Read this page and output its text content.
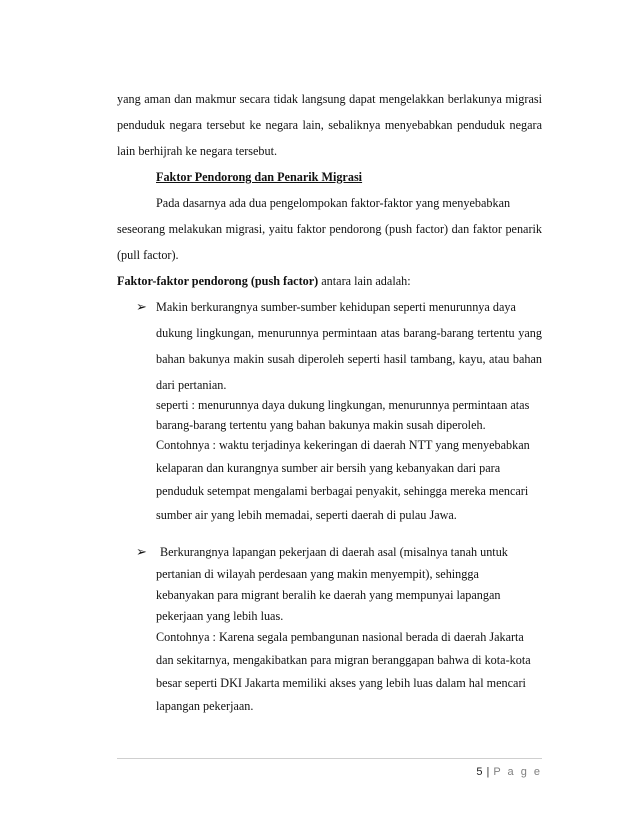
yang aman dan makmur secara tidak langsung dapat mengelakkan berlakunya migrasi
penduduk negara tersebut ke negara lain, sebaliknya menyebabkan penduduk negara
lain berhijrah ke negara tersebut.
Faktor Pendorong dan Penarik Migrasi
Pada dasarnya ada dua pengelompokan faktor-faktor yang menyebabkan
seseorang melakukan migrasi, yaitu faktor pendorong (push factor) dan faktor penarik
(pull factor).
Faktor-faktor pendorong (push factor) antara lain adalah:
➢ Makin berkurangnya sumber-sumber kehidupan seperti menurunnya daya
dukung lingkungan, menurunnya permintaan atas barang-barang tertentu yang
bahan bakunya makin susah diperoleh seperti hasil tambang, kayu, atau bahan
dari pertanian.
seperti : menurunnya daya dukung lingkungan, menurunnya permintaan atas
barang-barang tertentu yang bahan bakunya makin susah diperoleh.
Contohnya : waktu terjadinya kekeringan di daerah NTT yang menyebabkan
kelaparan dan kurangnya sumber air bersih yang kebanyakan dari para
penduduk setempat mengalami berbagai penyakit, sehingga mereka mencari
sumber air yang lebih memadai, seperti daerah di pulau Jawa.
➢ Berkurangnya lapangan pekerjaan di daerah asal (misalnya tanah untuk
pertanian di wilayah perdesaan yang makin menyempit), sehingga
kebanyakan para migrant beralih ke daerah yang mempunyai lapangan
pekerjaan yang lebih luas.
Contohnya : Karena segala pembangunan nasional berada di daerah Jakarta
dan sekitarnya, mengakibatkan para migran beranggapan bahwa di kota-kota
besar seperti DKI Jakarta memiliki akses yang lebih luas dalam hal mencari
lapangan pekerjaan.
5 | P a g e
